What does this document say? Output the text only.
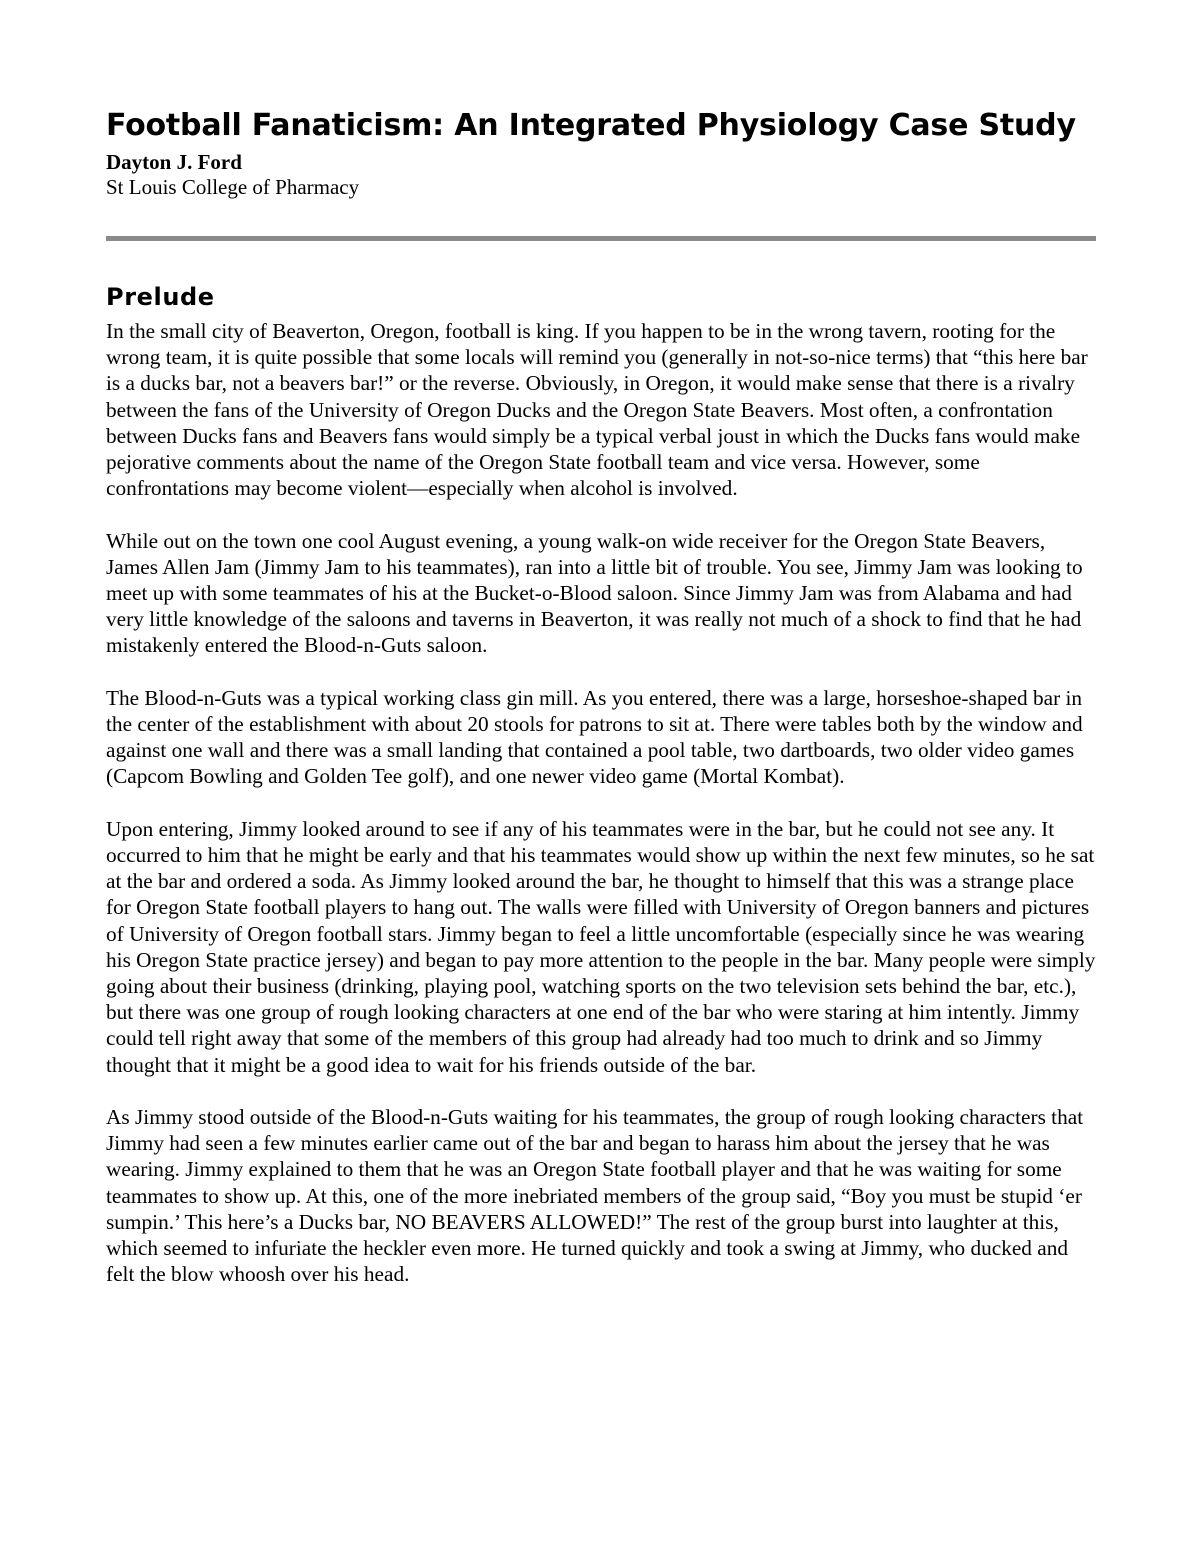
Football Fanaticism: An Integrated Physiology Case Study
Dayton J. Ford
St Louis College of Pharmacy
Prelude

In the small city of Beaverton, Oregon, football is king. If you happen to be in the wrong tavern, rooting for the wrong team, it is quite possible that some locals will remind you (generally in not-so-nice terms) that “this here bar is a ducks bar, not a beavers bar!” or the reverse. Obviously, in Oregon, it would make sense that there is a rivalry between the fans of the University of Oregon Ducks and the Oregon State Beavers. Most often, a confrontation between Ducks fans and Beavers fans would simply be a typical verbal joust in which the Ducks fans would make pejorative comments about the name of the Oregon State football team and vice versa. However, some confrontations may become violent—especially when alcohol is involved.

While out on the town one cool August evening, a young walk-on wide receiver for the Oregon State Beavers, James Allen Jam (Jimmy Jam to his teammates), ran into a little bit of trouble. You see, Jimmy Jam was looking to meet up with some teammates of his at the Bucket-o-Blood saloon. Since Jimmy Jam was from Alabama and had very little knowledge of the saloons and taverns in Beaverton, it was really not much of a shock to find that he had mistakenly entered the Blood-n-Guts saloon.

The Blood-n-Guts was a typical working class gin mill. As you entered, there was a large, horseshoe-shaped bar in the center of the establishment with about 20 stools for patrons to sit at. There were tables both by the window and against one wall and there was a small landing that contained a pool table, two dartboards, two older video games (Capcom Bowling and Golden Tee golf), and one newer video game (Mortal Kombat).

Upon entering, Jimmy looked around to see if any of his teammates were in the bar, but he could not see any. It occurred to him that he might be early and that his teammates would show up within the next few minutes, so he sat at the bar and ordered a soda. As Jimmy looked around the bar, he thought to himself that this was a strange place for Oregon State football players to hang out. The walls were filled with University of Oregon banners and pictures of University of Oregon football stars. Jimmy began to feel a little uncomfortable (especially since he was wearing his Oregon State practice jersey) and began to pay more attention to the people in the bar. Many people were simply going about their business (drinking, playing pool, watching sports on the two television sets behind the bar, etc.), but there was one group of rough looking characters at one end of the bar who were staring at him intently. Jimmy could tell right away that some of the members of this group had already had too much to drink and so Jimmy thought that it might be a good idea to wait for his friends outside of the bar.

As Jimmy stood outside of the Blood-n-Guts waiting for his teammates, the group of rough looking characters that Jimmy had seen a few minutes earlier came out of the bar and began to harass him about the jersey that he was wearing. Jimmy explained to them that he was an Oregon State football player and that he was waiting for some teammates to show up. At this, one of the more inebriated members of the group said, “Boy you must be stupid ‘er sumpin.’ This here’s a Ducks bar, NO BEAVERS ALLOWED!” The rest of the group burst into laughter at this, which seemed to infuriate the heckler even more. He turned quickly and took a swing at Jimmy, who ducked and felt the blow whoosh over his head.
